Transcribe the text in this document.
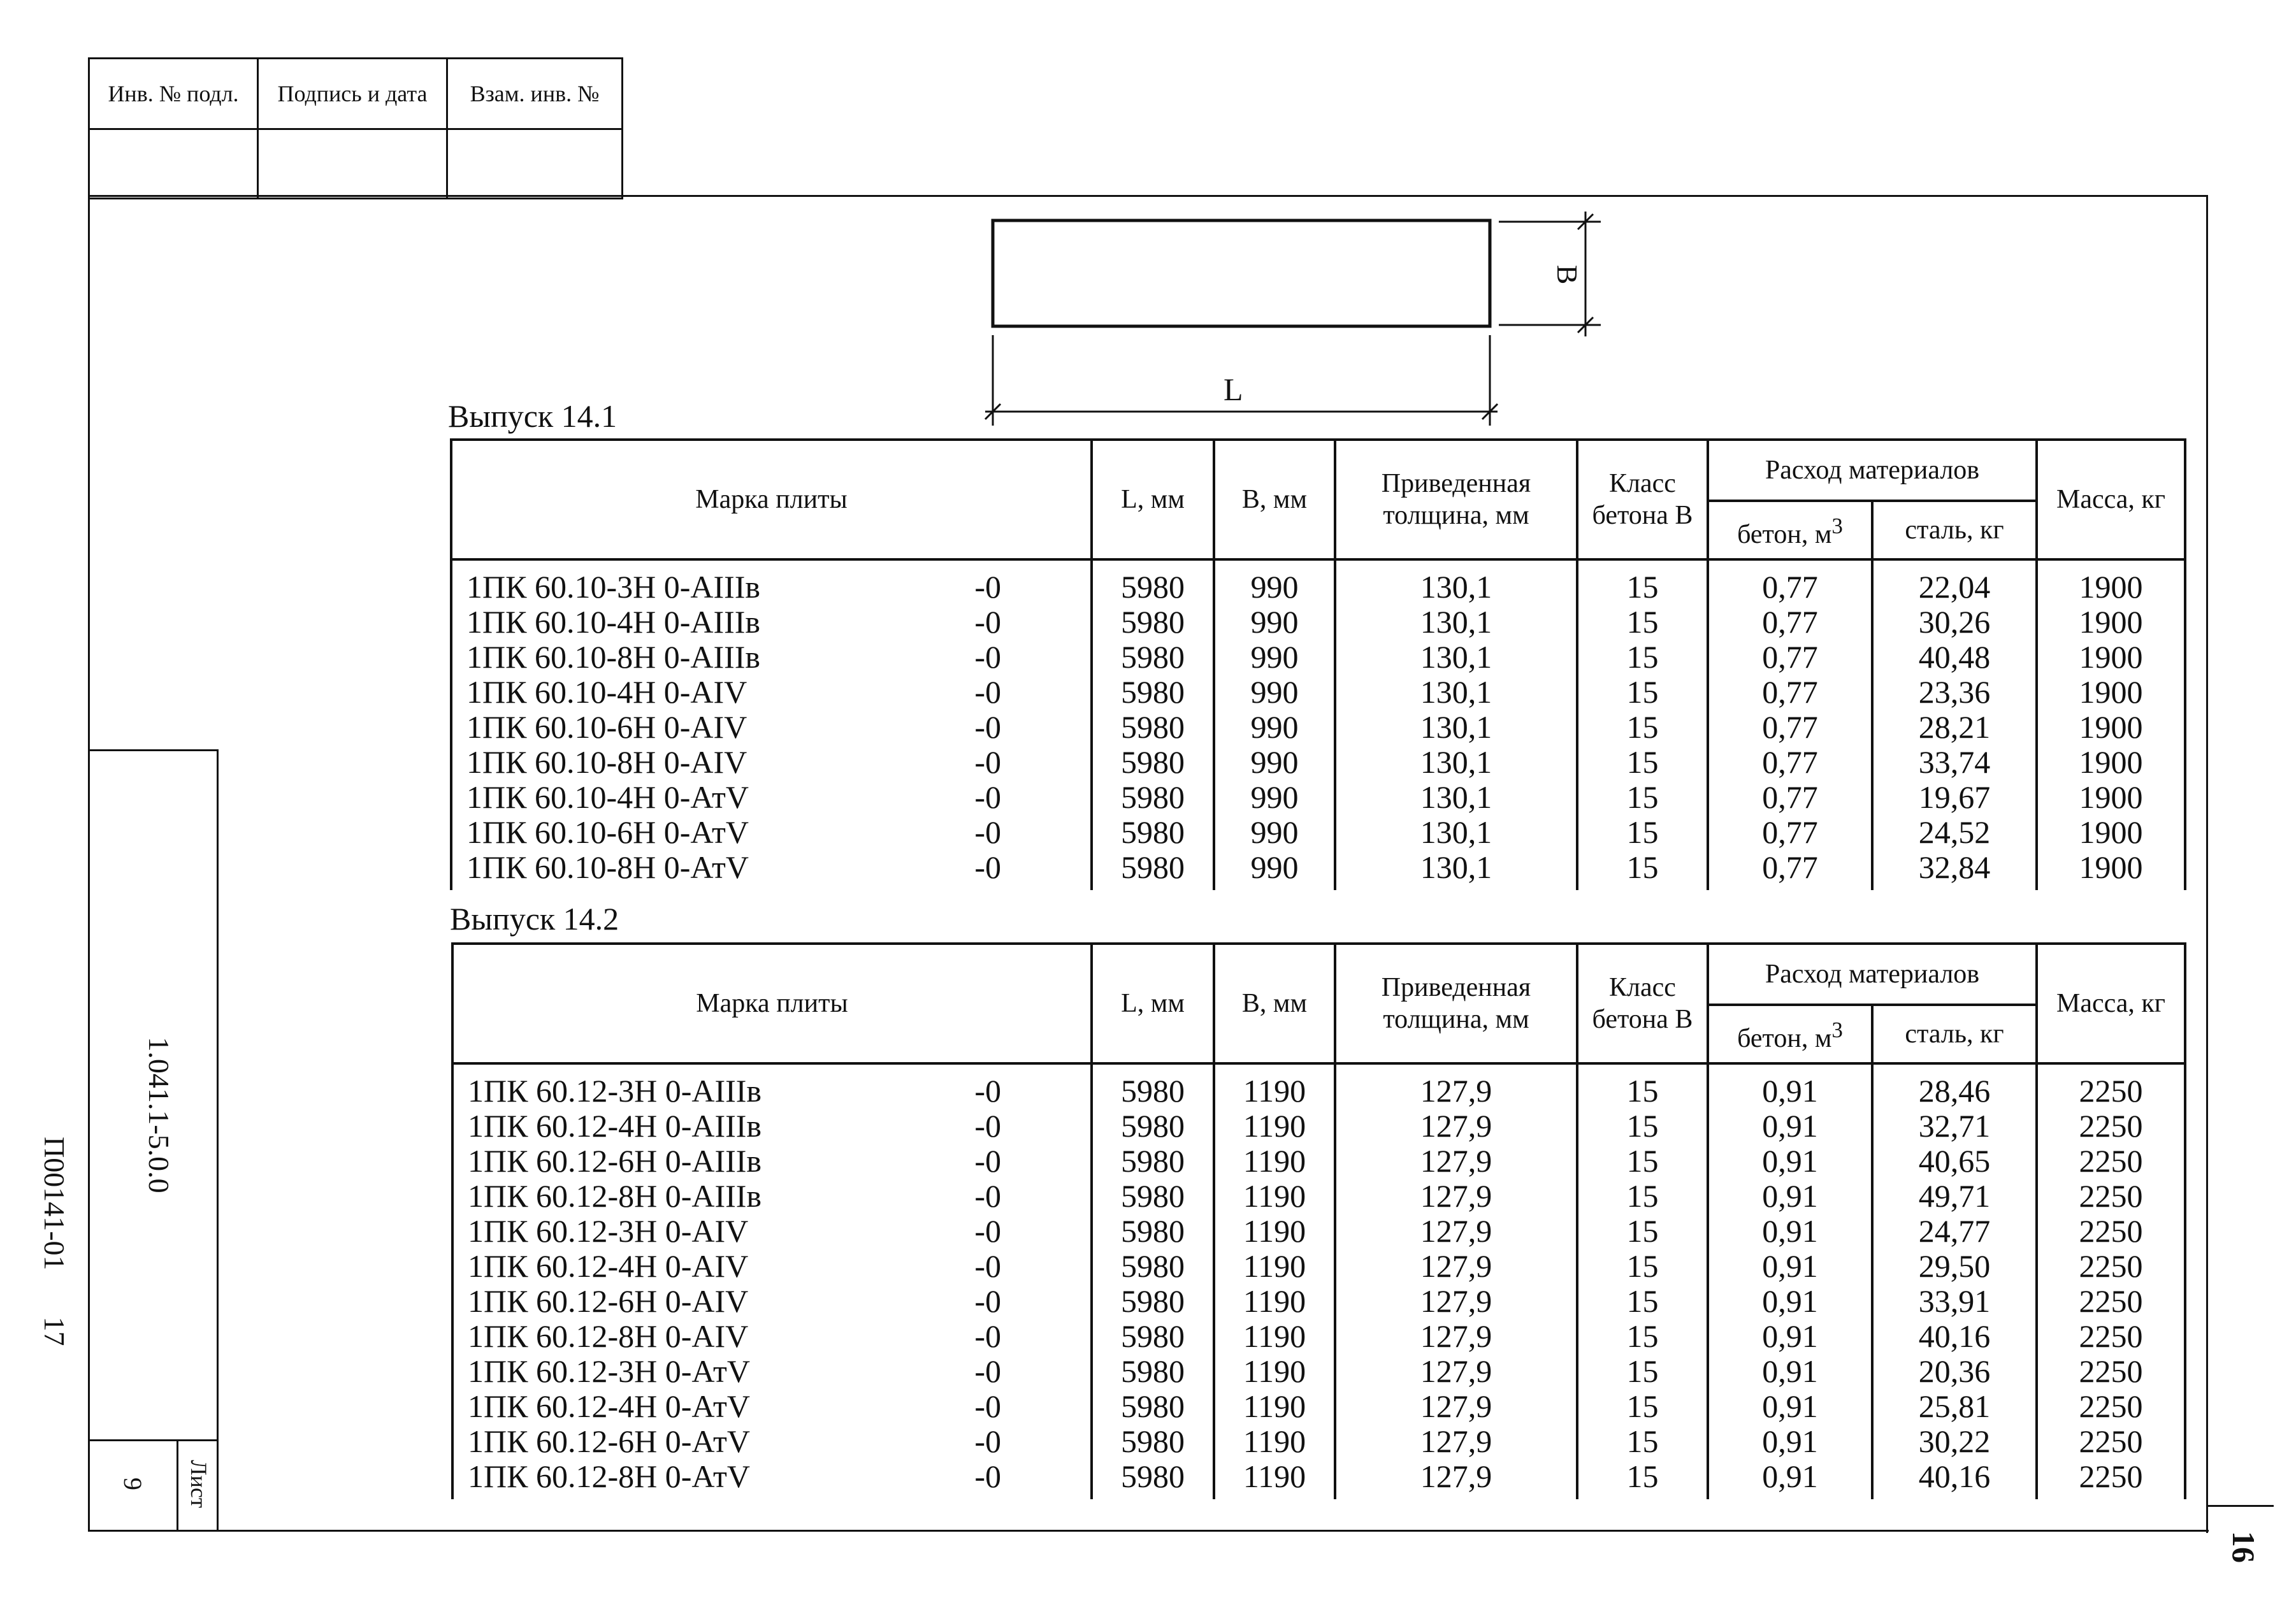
Инв. № подл.	Подпись и дата	Взам. инв. №

1.041.1-5.0.0
Лист
9
П00141-01  17
16
L
B
Выпуск 14.1
Марка плиты	L, мм	B, мм	Приведенная толщина, мм	Класс бетона B	Расход материалов		Масса, кг
					бетон, $м^3$	сталь, кг	
1ПК 60.10-3Н 0-АIIIв -0	5980	990	130,1	15	0,77	22,04	1900
1ПК 60.10-4Н 0-АIIIв -0	5980	990	130,1	15	0,77	30,26	1900
1ПК 60.10-8Н 0-АIIIв -0	5980	990	130,1	15	0,77	40,48	1900
1ПК 60.10-4Н 0-АIV -0	5980	990	130,1	15	0,77	23,36	1900
1ПК 60.10-6Н 0-АIV -0	5980	990	130,1	15	0,77	28,21	1900
1ПК 60.10-8Н 0-АIV -0	5980	990	130,1	15	0,77	33,74	1900
1ПК 60.10-4Н 0-АтV -0	5980	990	130,1	15	0,77	19,67	1900
1ПК 60.10-6Н 0-АтV -0	5980	990	130,1	15	0,77	24,52	1900
1ПК 60.10-8Н 0-АтV -0	5980	990	130,1	15	0,77	32,84	1900
Выпуск 14.2
Марка плиты	L, мм	B, мм	Приведенная толщина, мм	Класс бетона B	Расход материалов		Масса, кг
					бетон, $м^3$	сталь, кг	
1ПК 60.12-3Н 0-АIIIв -0	5980	1190	127,9	15	0,91	28,46	2250
1ПК 60.12-4Н 0-АIIIв -0	5980	1190	127,9	15	0,91	32,71	2250
1ПК 60.12-6Н 0-АIIIв -0	5980	1190	127,9	15	0,91	40,65	2250
1ПК 60.12-8Н 0-АIIIв -0	5980	1190	127,9	15	0,91	49,71	2250
1ПК 60.12-3Н 0-АIV -0	5980	1190	127,9	15	0,91	24,77	2250
1ПК 60.12-4Н 0-АIV -0	5980	1190	127,9	15	0,91	29,50	2250
1ПК 60.12-6Н 0-АIV -0	5980	1190	127,9	15	0,91	33,91	2250
1ПК 60.12-8Н 0-АIV -0	5980	1190	127,9	15	0,91	40,16	2250
1ПК 60.12-3Н 0-АтV -0	5980	1190	127,9	15	0,91	20,36	2250
1ПК 60.12-4Н 0-АтV -0	5980	1190	127,9	15	0,91	25,81	2250
1ПК 60.12-6Н 0-АтV -0	5980	1190	127,9	15	0,91	30,22	2250
1ПК 60.12-8Н 0-АтV -0	5980	1190	127,9	15	0,91	40,16	2250
